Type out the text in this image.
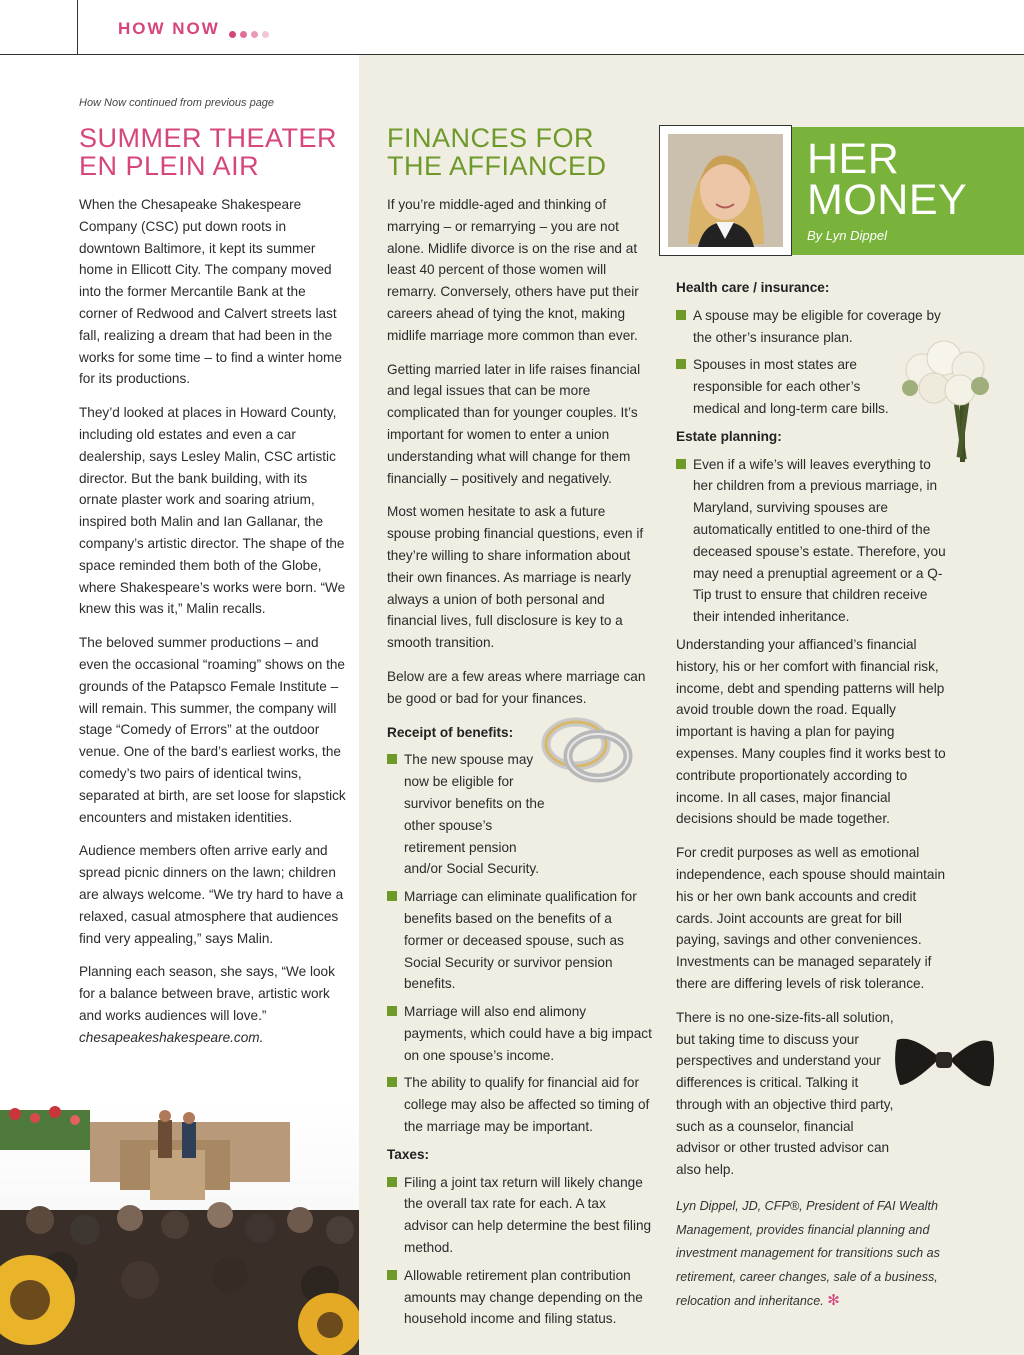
HOW NOW
How Now continued from previous page
SUMMER THEATER
EN PLEIN AIR

When the Chesapeake Shakespeare Company (CSC) put down roots in downtown Baltimore, it kept its summer home in Ellicott City. The company moved into the former Mercantile Bank at the corner of Redwood and Calvert streets last fall, realizing a dream that had been in the works for some time – to find a winter home for its productions.

They’d looked at places in Howard County, including old estates and even a car dealership, says Lesley Malin, CSC artistic director. But the bank building, with its ornate plaster work and soaring atrium, inspired both Malin and Ian Gallanar, the company’s artistic director. The shape of the space reminded them both of the Globe, where Shakespeare’s works were born. “We knew this was it,” Malin recalls.

The beloved summer productions – and even the occasional “roaming” shows on the grounds of the Patapsco Female Institute – will remain. This summer, the company will stage “Comedy of Errors” at the outdoor venue. One of the bard’s earliest works, the comedy’s two pairs of identical twins, separated at birth, are set loose for slapstick encounters and mistaken identities.

Audience members often arrive early and spread picnic dinners on the lawn; children are always welcome. “We try hard to have a relaxed, casual atmosphere that audiences find very appealing,” says Malin.

Planning each season, she says, “We look for a balance between brave, artistic work and works audiences will love.” chesapeakeshakespeare.com.

FINANCES FOR
THE AFFIANCED

If you’re middle-aged and thinking of marrying – or remarrying – you are not alone. Midlife divorce is on the rise and at least 40 percent of those women will remarry. Conversely, others have put their careers ahead of tying the knot, making midlife marriage more common than ever.

Getting married later in life raises financial and legal issues that can be more complicated than for younger couples. It’s important for women to enter a union understanding what will change for them financially – positively and negatively.

Most women hesitate to ask a future spouse probing financial questions, even if they’re willing to share information about their own finances. As marriage is nearly always a union of both personal and financial lives, full disclosure is key to a smooth transition.

Below are a few areas where marriage can be good or bad for your finances.

Receipt of benefits:
The new spouse may now be eligible for survivor benefits on the other spouse’s retirement pension and/or Social Security.
Marriage can eliminate qualification for benefits based on the benefits of a former or deceased spouse, such as Social Security or survivor pension benefits.
Marriage will also end alimony payments, which could have a big impact on one spouse’s income.
The ability to qualify for financial aid for college may also be affected so timing of the marriage may be important.
Taxes:
Filing a joint tax return will likely change the overall tax rate for each. A tax advisor can help determine the best filing method.
Allowable retirement plan contribution amounts may change depending on the household income and filing status.
HER
MONEY
By Lyn Dippel
Health care / insurance:
A spouse may be eligible for coverage by the other’s insurance plan.
Spouses in most states are responsible for each other’s medical and long-term care bills.
Estate planning:
Even if a wife’s will leaves everything to her children from a previous marriage, in Maryland, surviving spouses are automatically entitled to one-third of the deceased spouse’s estate. Therefore, you may need a prenuptial agreement or a Q-Tip trust to ensure that children receive their intended inheritance.

Understanding your affianced’s financial history, his or her comfort with financial risk, income, debt and spending patterns will help avoid trouble down the road. Equally important is having a plan for paying expenses. Many couples find it works best to contribute proportionately according to income. In all cases, major financial decisions should be made together.

For credit purposes as well as emotional independence, each spouse should maintain his or her own bank accounts and credit cards. Joint accounts are great for bill paying, savings and other conveniences. Investments can be managed separately if there are differing levels of risk tolerance.

There is no one-size-fits-all solution, but taking time to discuss your perspectives and understand your differences is critical. Talking it through with an objective third party, such as a counselor, financial advisor or other trusted advisor can also help.

Lyn Dippel, JD, CFP®, President of FAI Wealth Management, provides financial planning and investment management for transitions such as retirement, career changes, sale of a business, relocation and inheritance. ✻
